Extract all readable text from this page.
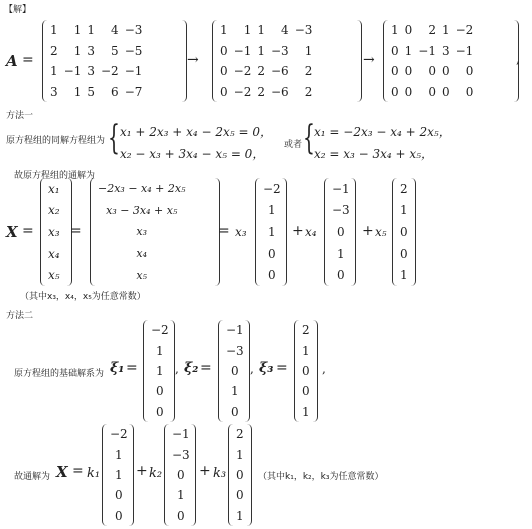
【解】
A =
1	1	1	4	−3
2	1	3	5	−5
1	−1	3	−2	−1
3	1	5	6	−7
→
1	1	1	4	−3
0	−1	1	−3	1
0	−2	2	−6	2
0	−2	2	−6	2
→
1	0	2	1	−2
0	1	−1	3	−1
0	0	0	0	0
0	0	0	0	0
,
方法一
原方程组的同解方程组为 { x₁ + 2x₃ + x₄ − 2x₅ = 0，
x₂ − x₃ + 3x₄ − x₅ = 0，
或者 { x₁ = −2x₃ − x₄ + 2x₅，
x₂ = x₃ − 3x₄ + x₅，
故原方程组的通解为
X =
x₁
x₂
x₃
x₄
x₅
=
−2x₃ − x₄ + 2x₅
x₃ − 3x₄ + x₅
x₃
x₄
x₅
= x₃
−2
1
1
0
0
+ x₄
−1
−3
0
1
0
+ x₅
2
1
0
0
1
（其中x₃，x₄，x₅为任意常数）
方法二
原方程组的基础解系为 ξ₁ =
−2
1
1
0
0
, ξ₂ =
−1
−3
0
1
0
, ξ₃ =
2
1
0
0
1
,
故通解为 X = k₁
−2
1
1
0
0
+ k₂
−1
−3
0
1
0
+ k₃
2
1
0
0
1
（其中k₁，k₂，k₃为任意常数）
